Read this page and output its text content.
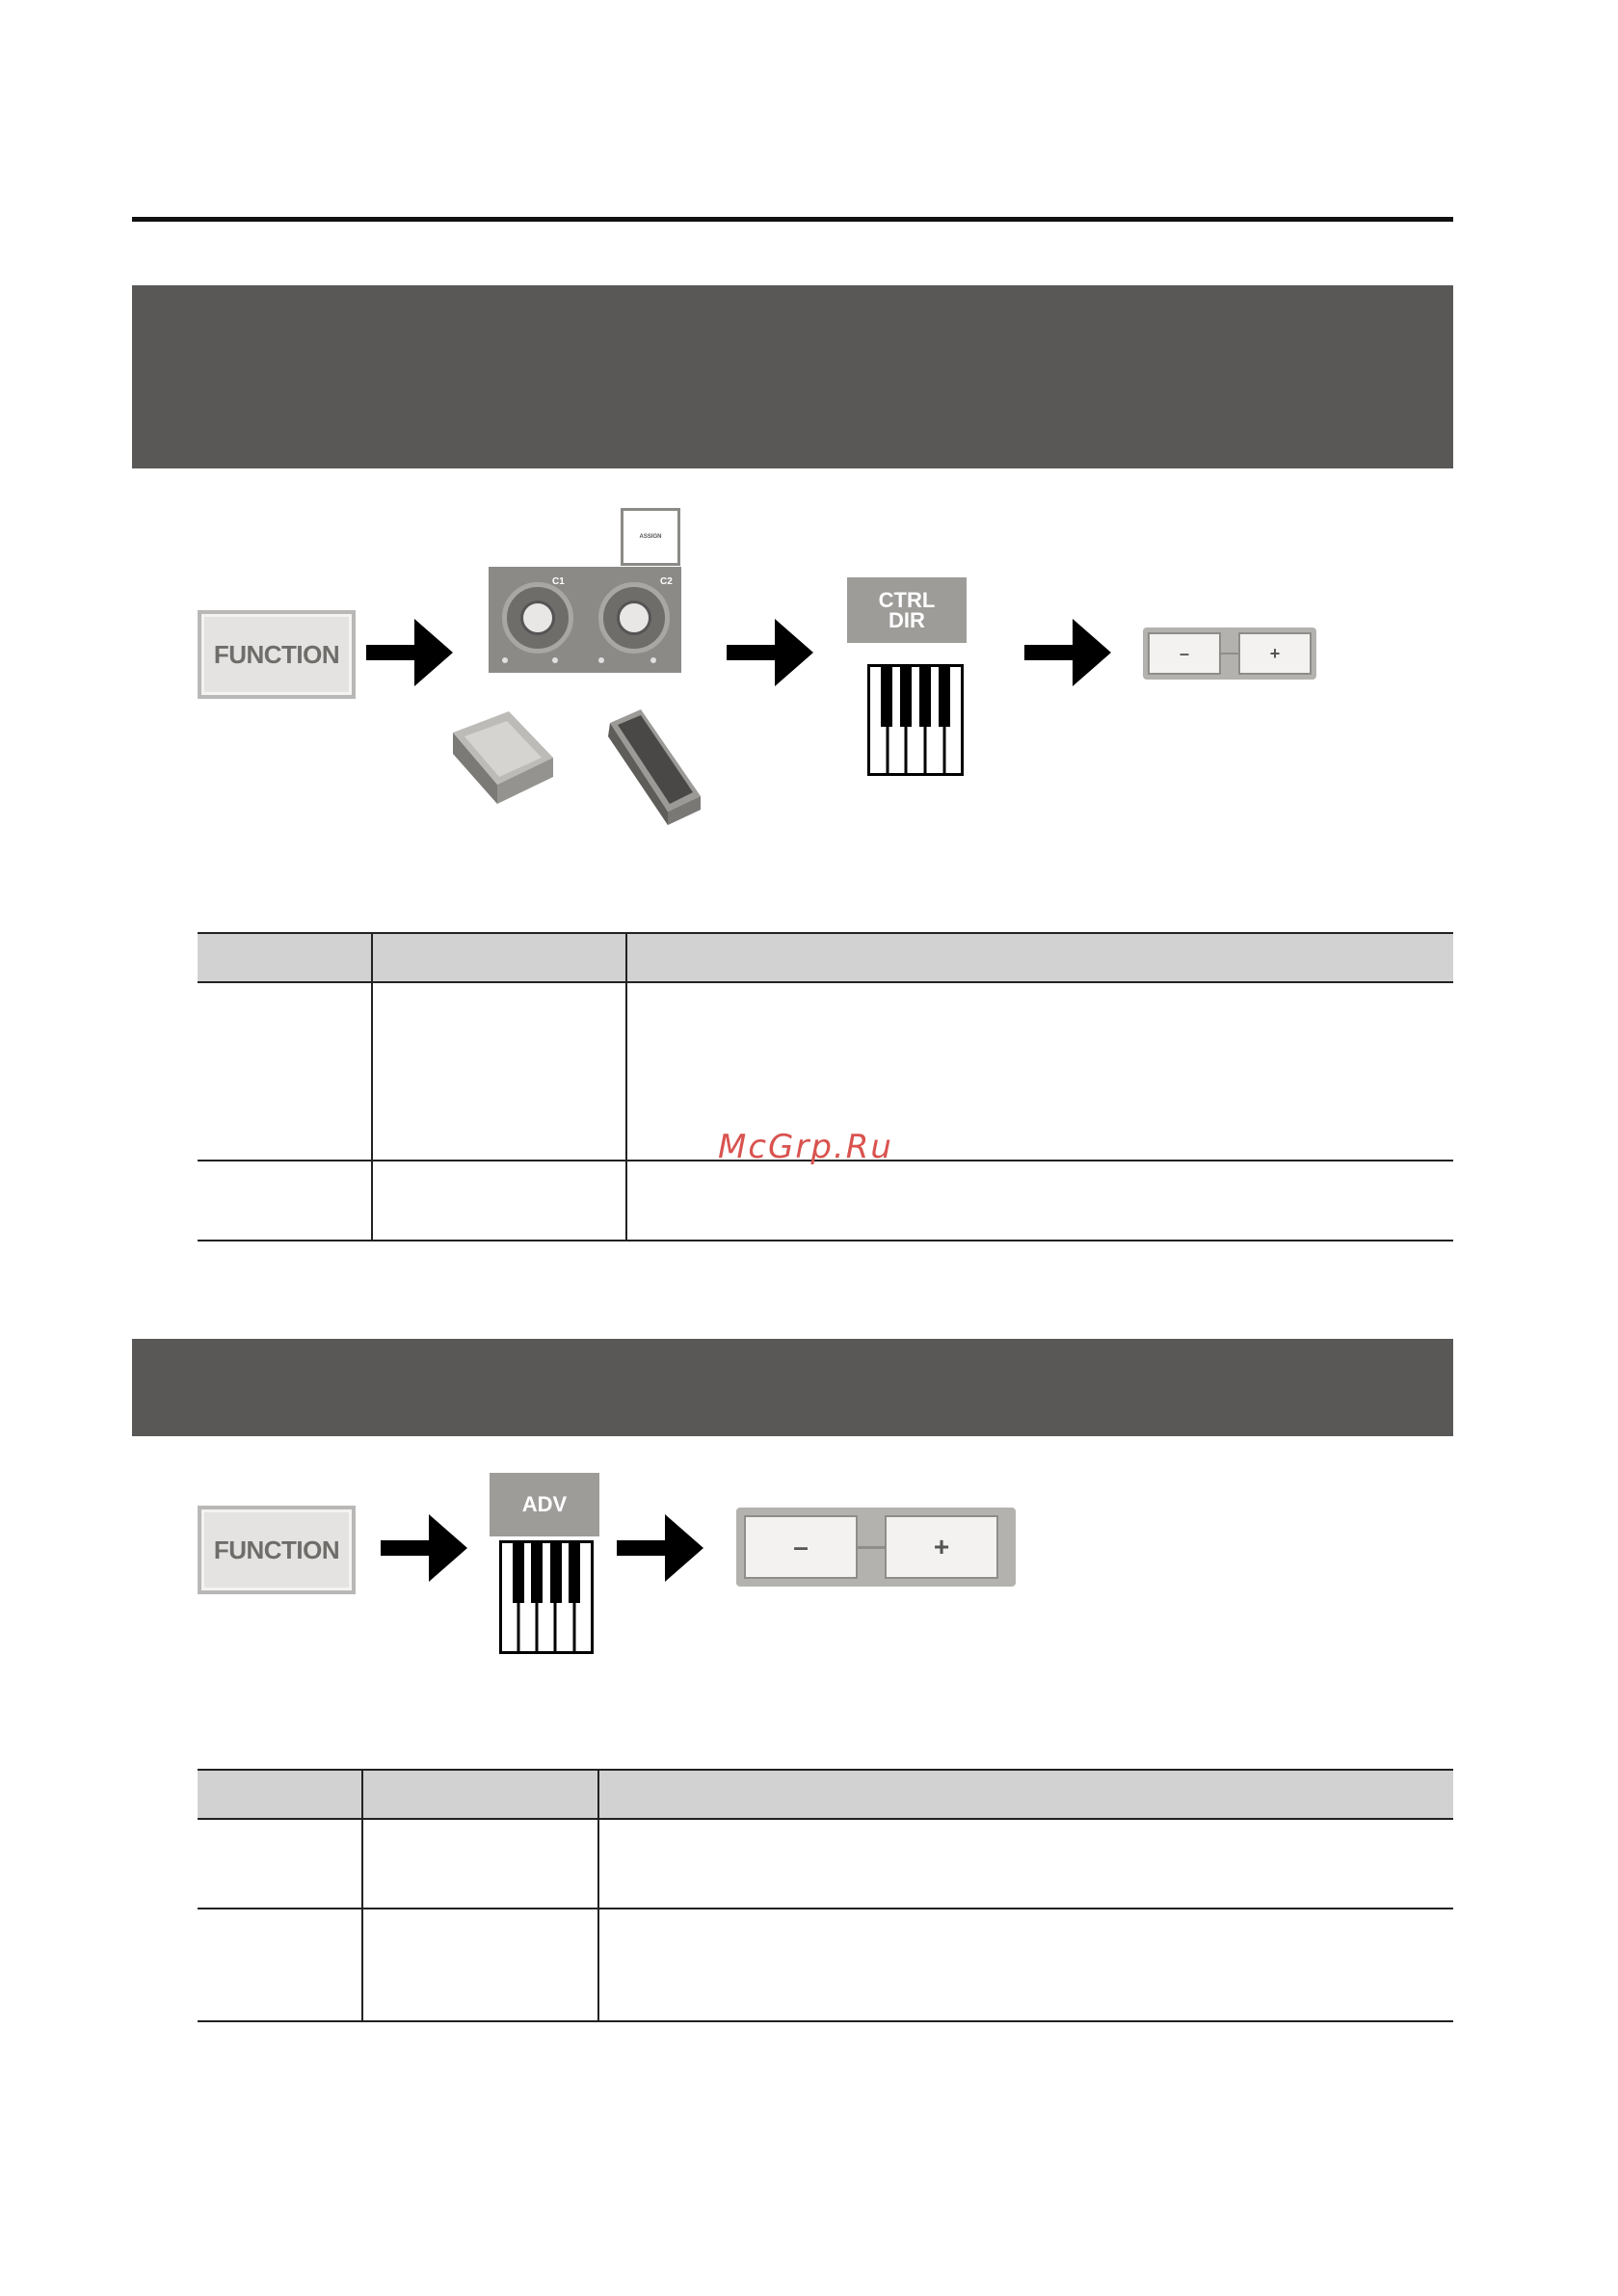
FUNCTION
ASSIGN
C1	C2
CTRL
DIR
–	+

McGrp.Ru
FUNCTION
ADV
–	+
